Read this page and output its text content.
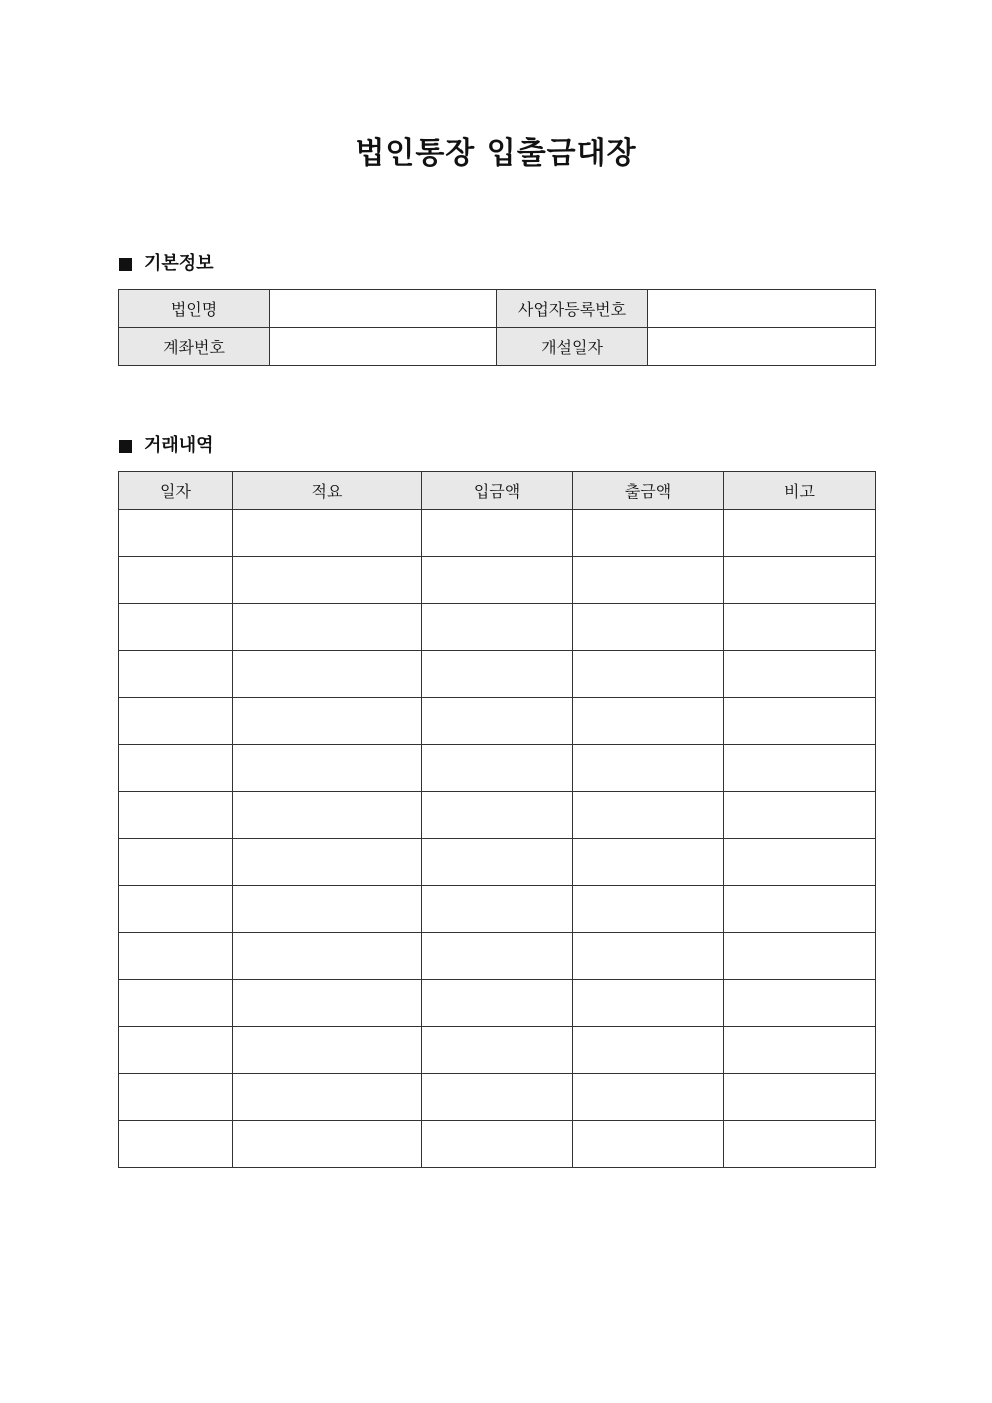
법인통장 입출금대장
기본정보
법인명		사업자등록번호	
계좌번호		개설일자	
거래내역
일자	적요	입금액	출금액	비고
